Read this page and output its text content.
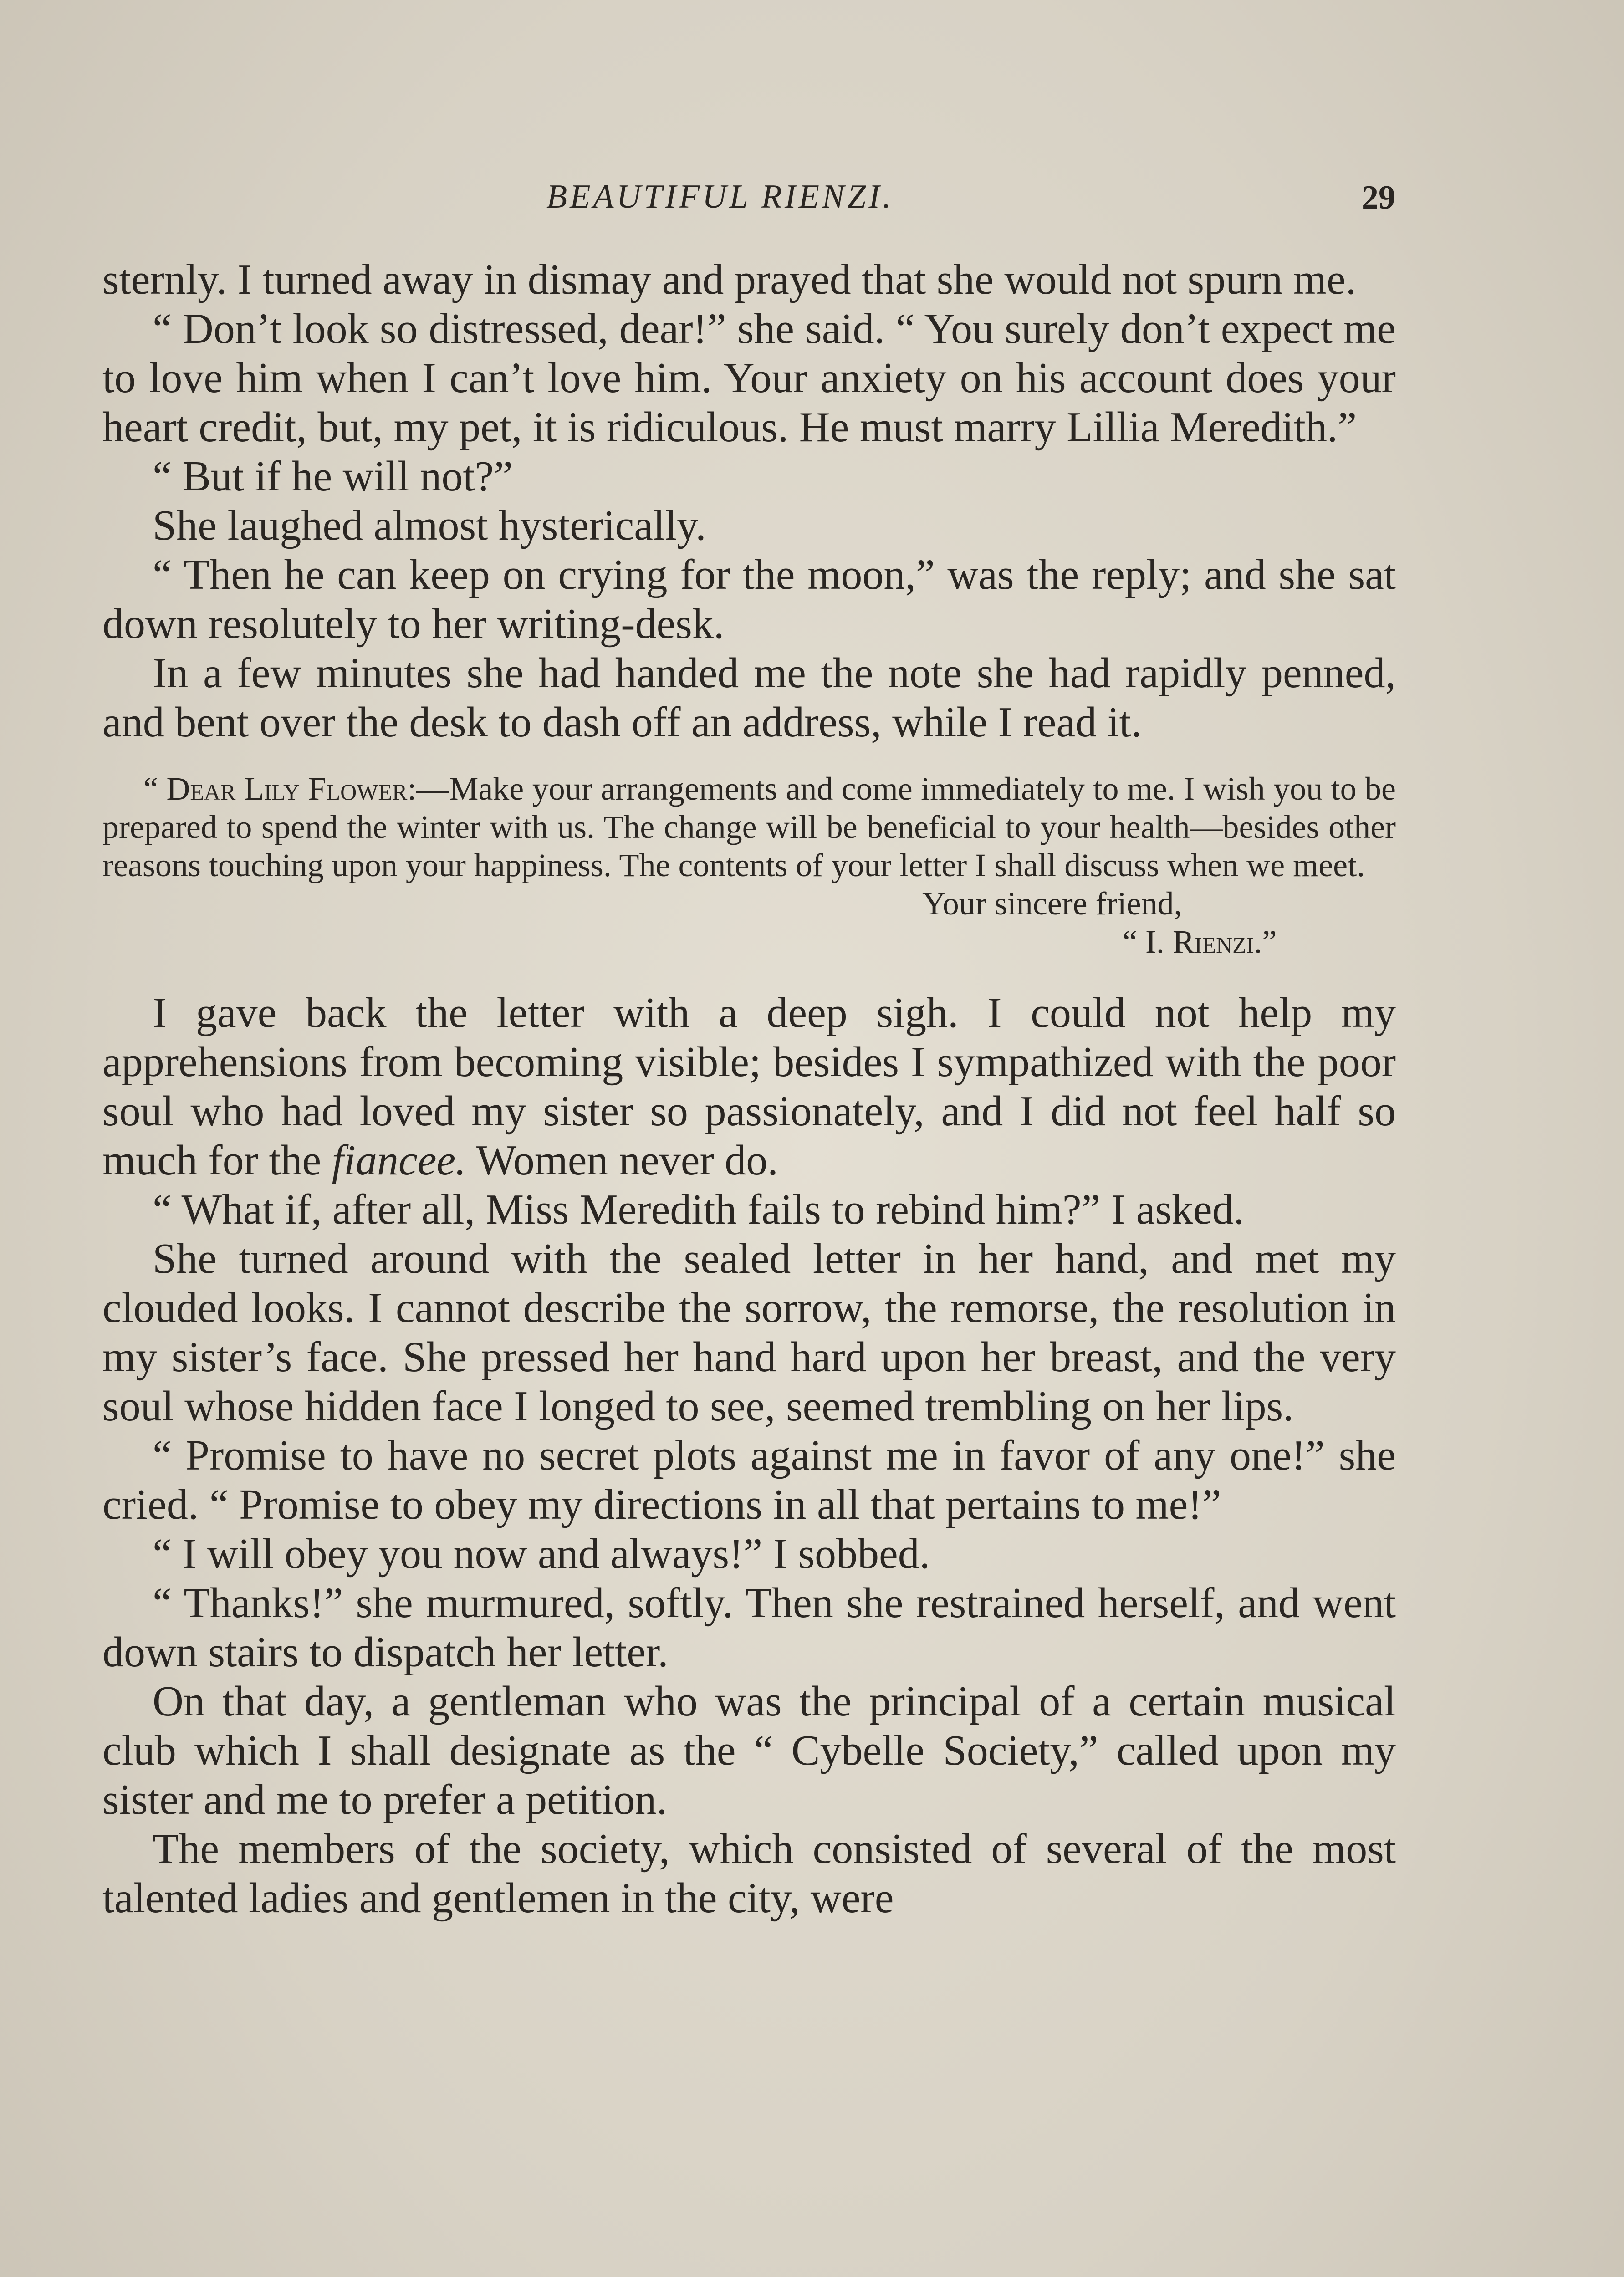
BEAUTIFUL RIENZI.	29

sternly. I turned away in dismay and prayed that she would not spurn me.

“ Don’t look so distressed, dear!” she said. “ You surely don’t expect me to love him when I can’t love him. Your anxiety on his account does your heart credit, but, my pet, it is ridiculous. He must marry Lillia Meredith.”

“ But if he will not?”

She laughed almost hysterically.

“ Then he can keep on crying for the moon,” was the reply; and she sat down resolutely to her writing-desk.

In a few minutes she had handed me the note she had rapidly penned, and bent over the desk to dash off an address, while I read it.

“ Dear Lily Flower:—Make your arrangements and come immediately to me. I wish you to be prepared to spend the winter with us. The change will be beneficial to your health—besides other reasons touching upon your happiness. The contents of your letter I shall discuss when we meet.

Your sincere friend,

“ I. Rienzi.”

I gave back the letter with a deep sigh. I could not help my apprehensions from becoming visible; besides I sympathized with the poor soul who had loved my sister so passionately, and I did not feel half so much for the fiancee. Women never do.

“ What if, after all, Miss Meredith fails to rebind him?” I asked.

She turned around with the sealed letter in her hand, and met my clouded looks. I cannot describe the sorrow, the remorse, the resolution in my sister’s face. She pressed her hand hard upon her breast, and the very soul whose hidden face I longed to see, seemed trembling on her lips.

“ Promise to have no secret plots against me in favor of any one!” she cried. “ Promise to obey my directions in all that pertains to me!”

“ I will obey you now and always!” I sobbed.

“ Thanks!” she murmured, softly. Then she restrained herself, and went down stairs to dispatch her letter.

On that day, a gentleman who was the principal of a certain musical club which I shall designate as the “ Cybelle Society,” called upon my sister and me to prefer a petition.

The members of the society, which consisted of several of the most talented ladies and gentlemen in the city, were
